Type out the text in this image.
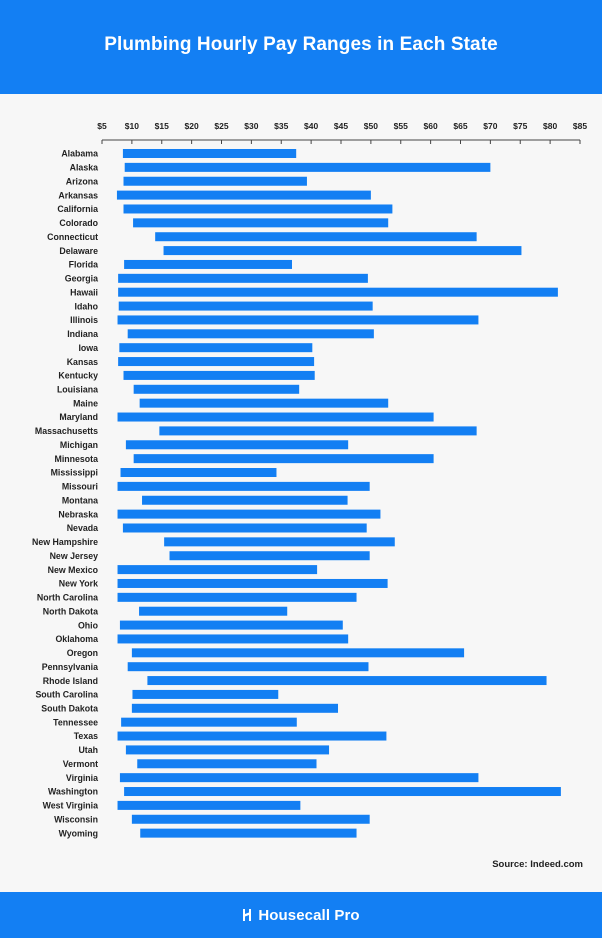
Plumbing Hourly Pay Ranges in Each State
$5 $10 $15 $20 $25 $30 $35 $40 $45 $50 $55 $60 $65 $70 $75 $80 $85
Alabama
Alaska
Arizona
Arkansas
California
Colorado
Connecticut
Delaware
Florida
Georgia
Hawaii
Idaho
Illinois
Indiana
Iowa
Kansas
Kentucky
Louisiana
Maine
Maryland
Massachusetts
Michigan
Minnesota
Mississippi
Missouri
Montana
Nebraska
Nevada
New Hampshire
New Jersey
New Mexico
New York
North Carolina
North Dakota
Ohio
Oklahoma
Oregon
Pennsylvania
Rhode Island
South Carolina
South Dakota
Tennessee
Texas
Utah
Vermont
Virginia
Washington
West Virginia
Wisconsin
Wyoming
Source: Indeed.com
Housecall Pro
